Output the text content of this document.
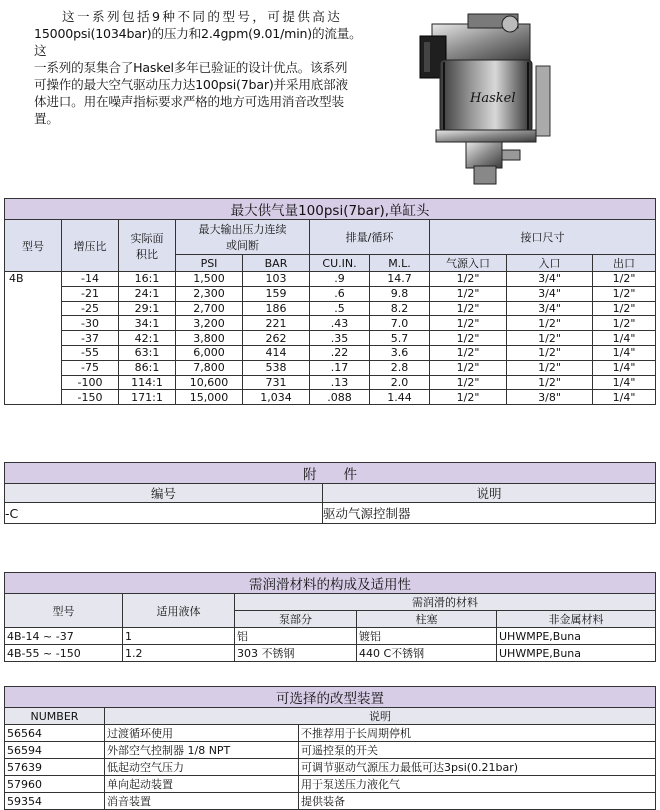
这一系列包括9种不同的型号，可提供高达
15000psi(1034bar)的压力和2.4gpm(9.01/min)的流量。这
一系列的泵集合了Haskel多年已验证的设计优点。该系列
可操作的最大空气驱动压力达100psi(7bar)并采用底部液
体进口。用在噪声指标要求严格的地方可选用消音改型装
置。
Haskel
最大供气量100psi(7bar),单缸头									
型号	增压比	实际面积比	最大输出压力连续或间断		排量/循环		接口尺寸		
			PSI	BAR	CU.IN.	M.L.	气源入口	入口	出口
4B	-14	16:1	1,500	103	.9	14.7	1/2"	3/4"	1/2"
	-21	24:1	2,300	159	.6	9.8	1/2"	3/4"	1/2"
	-25	29:1	2,700	186	.5	8.2	1/2"	3/4"	1/2"
	-30	34:1	3,200	221	.43	7.0	1/2"	1/2"	1/2"
	-37	42:1	3,800	262	.35	5.7	1/2"	1/2"	1/4"
	-55	63:1	6,000	414	.22	3.6	1/2"	1/2"	1/4"
	-75	86:1	7,800	538	.17	2.8	1/2"	1/2"	1/4"
	-100	114:1	10,600	731	.13	2.0	1/2"	1/2"	1/4"
	-150	171:1	15,000	1,034	.088	1.44	1/2"	3/8"	1/4"
附　　件	
编号	说明
-C	驱动气源控制器
需润滑材料的构成及适用性				
型号	适用液体	需润滑的材料		
		泵部分	柱塞	非金属材料
4B-14 ~ -37	1	铝	镀铝	UHWMPE,Buna
4B-55 ~ -150	1.2	303 不锈钢	440 C不锈钢	UHWMPE,Buna
可选择的改型装置		
NUMBER	说明	
56564	过渡循环使用	不推荐用于长周期停机
56594	外部空气控制器 1/8 NPT	可遥控泵的开关
57639	低起动空气压力	可调节驱动气源压力最低可达3psi(0.21bar)
57960	单向起动装置	用于泵送压力液化气
59354	消音装置	提供装备
